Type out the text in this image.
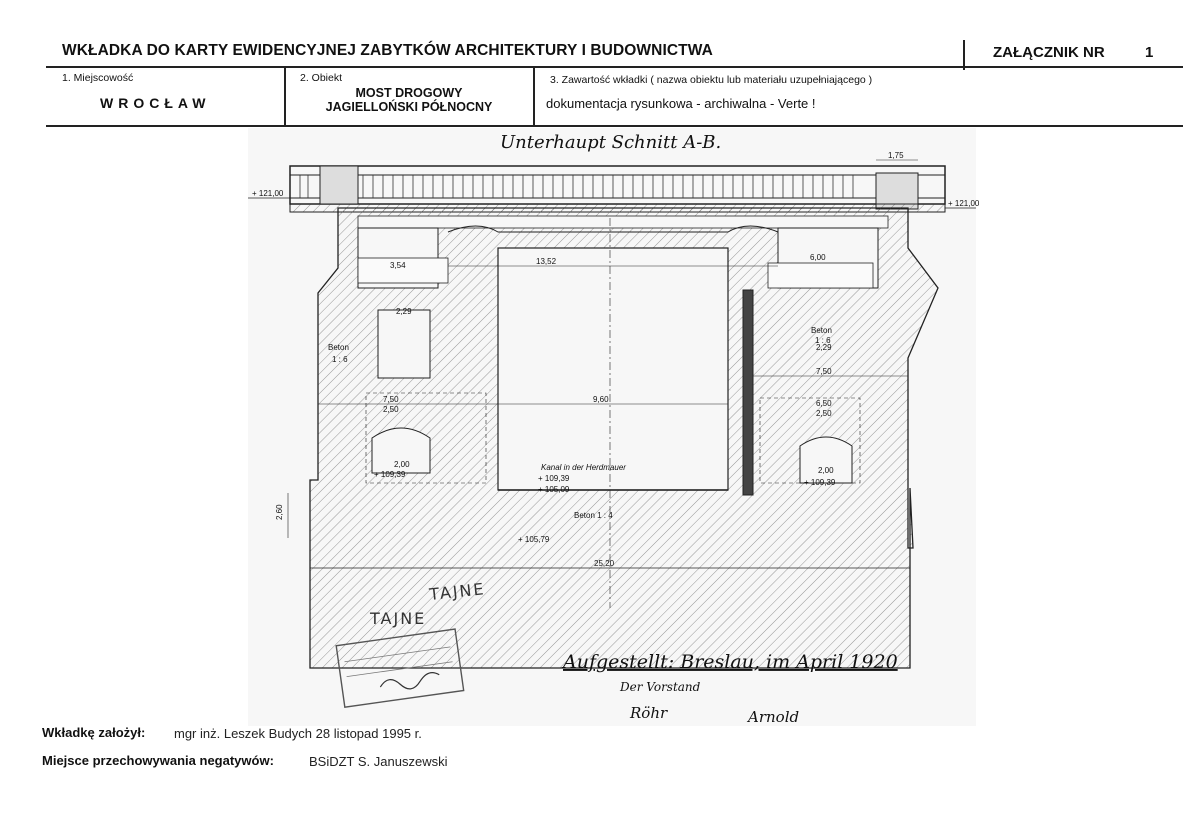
WKŁADKA DO KARTY EWIDENCYJNEJ ZABYTKÓW ARCHITEKTURY I BUDOWNICTWA	ZAŁĄCZNIK NR	1
1. Miejscowość
WROCŁAW
2. Obiekt
MOST DROGOWY
JAGIELLOŃSKI PÓŁNOCNY
3. Zawartość wkładki ( nazwa obiektu lub materiału uzupełniającego )
dokumentacja rysunkowa - archiwalna - Verte !
Unterhaupt Schnitt A-B.
+ 121,00
+ 121,00
1,75
13,52
3,54
6,00
2,29
2,29
7,50
2,50
7,50
6,50
2,50
9,60
2,00
+ 109,39	2,00
+ 109,39
+ 109,39
+ 105,09
Kanal in der Herdmauer
+ 105,79
2,60
25,20
Beton
1 : 6
Beton
1 : 6
Beton 1 : 4
TAJNE
TAJNE
Aufgestellt: Breslau, im April 1920
Der Vorstand
Röhr	Arnold
Wkładkę założył: mgr inż. Leszek Budych 28 listopad 1995 r.
Miejsce przechowywania negatywów:	BSiDZT S. Januszewski
